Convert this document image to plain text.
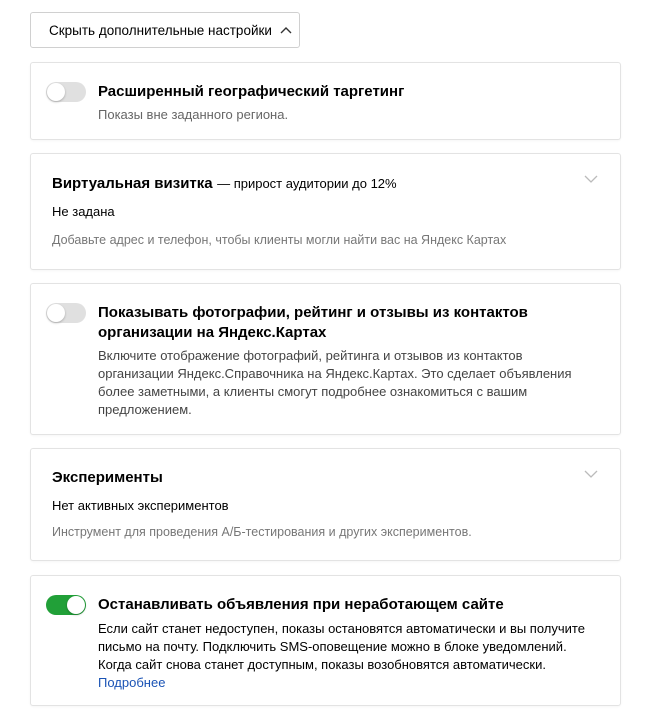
Скрыть дополнительные настройки
Расширенный географический таргетинг
Показы вне заданного региона.
Виртуальная визитка — прирост аудитории до 12%
Не задана
Добавьте адрес и телефон, чтобы клиенты могли найти вас на Яндекс Картах
Показывать фотографии, рейтинг и отзывы из контактов
организации на Яндекс.Картах
Включите отображение фотографий, рейтинга и отзывов из контактов
организации Яндекс.Справочника на Яндекс.Картах. Это сделает объявления
более заметными, а клиенты смогут подробнее ознакомиться с вашим
предложением.
Эксперименты
Нет активных экспериментов
Инструмент для проведения А/Б-тестирования и других экспериментов.
Останавливать объявления при неработающем сайте
Если сайт станет недоступен, показы остановятся автоматически и вы получите
письмо на почту. Подключить SMS-оповещение можно в блоке уведомлений.
Когда сайт снова станет доступным, показы возобновятся автоматически.
Подробнее
